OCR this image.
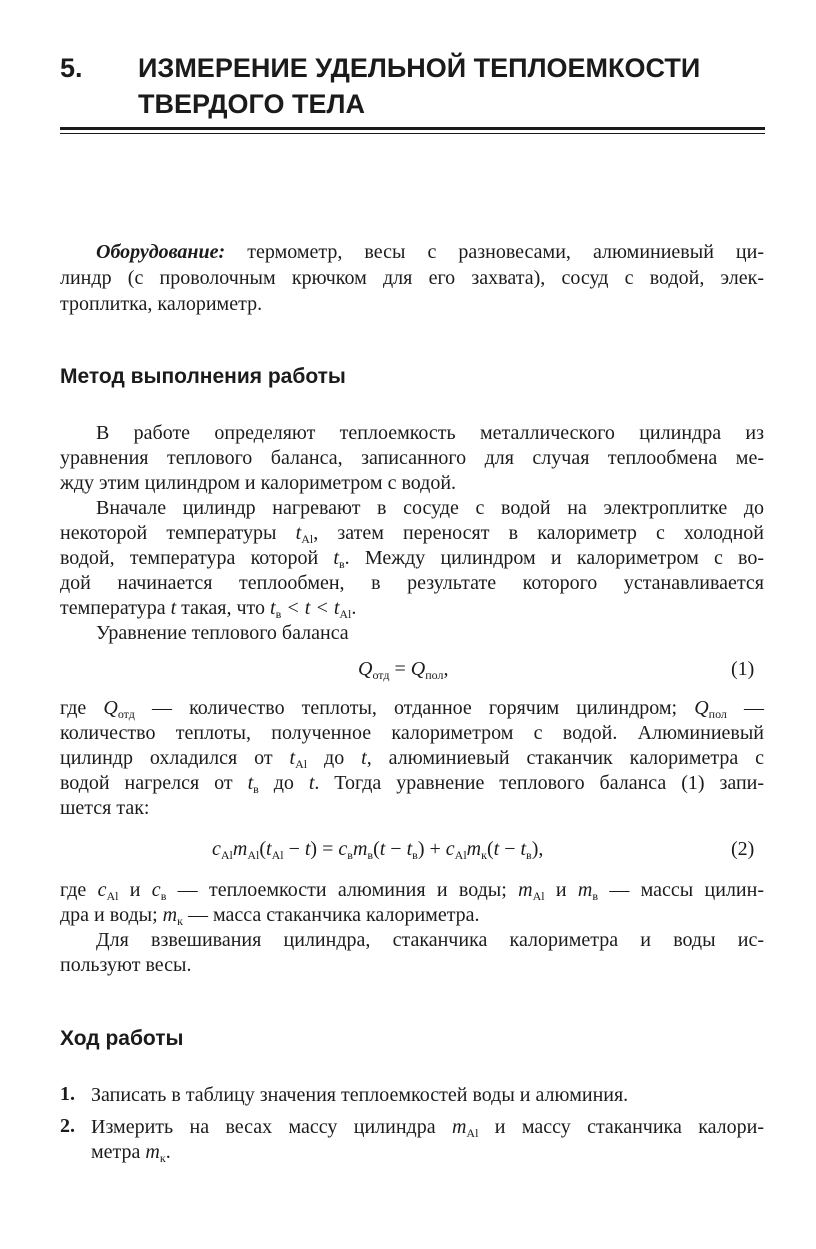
5. ИЗМЕРЕНИЕ УДЕЛЬНОЙ ТЕПЛОЕМКОСТИ
ТВЕРДОГО ТЕЛА
Оборудование: термометр, весы с разновесами, алюминиевый ци-
линдр (с проволочным крючком для его захвата), сосуд с водой, элек-
троплитка, калориметр.
Метод выполнения работы
В работе определяют теплоемкость металлического цилиндра из
уравнения теплового баланса, записанного для случая теплообмена ме-
жду этим цилиндром и калориметром с водой.
Вначале цилиндр нагревают в сосуде с водой на электроплитке до
некоторой температуры $t_{Al}$, затем переносят в калориметр с холодной
водой, температура которой $t_в$. Между цилиндром и калориметром с во-
дой начинается теплообмен, в результате которого устанавливается
температура t такая, что $t_в < t < t_{Al}$.
Уравнение теплового баланса
$Q_{отд} = Q_{пол}$,	(1)
где $Q_{отд}$ — количество теплоты, отданное горячим цилиндром; $Q_{пол}$ —
количество теплоты, полученное калориметром с водой. Алюминиевый
цилиндр охладился от $t_{Al}$ до t, алюминиевый стаканчик калориметра с
водой нагрелся от $t_в$ до t. Тогда уравнение теплового баланса (1) запи-
шется так:
$c_{Al}m_{Al}(t_{Al} - t) = c_вm_в(t - t_в) + c_{Al}m_к(t - t_в)$,	(2)
где $c_{Al}$ и $c_в$ — теплоемкости алюминия и воды; $m_{Al}$ и $m_в$ — массы цилин-
дра и воды; $m_к$ — масса стаканчика калориметра.
Для взвешивания цилиндра, стаканчика калориметра и воды ис-
пользуют весы.
Ход работы
1. Записать в таблицу значения теплоемкостей воды и алюминия.
2. Измерить на весах массу цилиндра $m_{Al}$ и массу стаканчика калори-
метра $m_к$.
